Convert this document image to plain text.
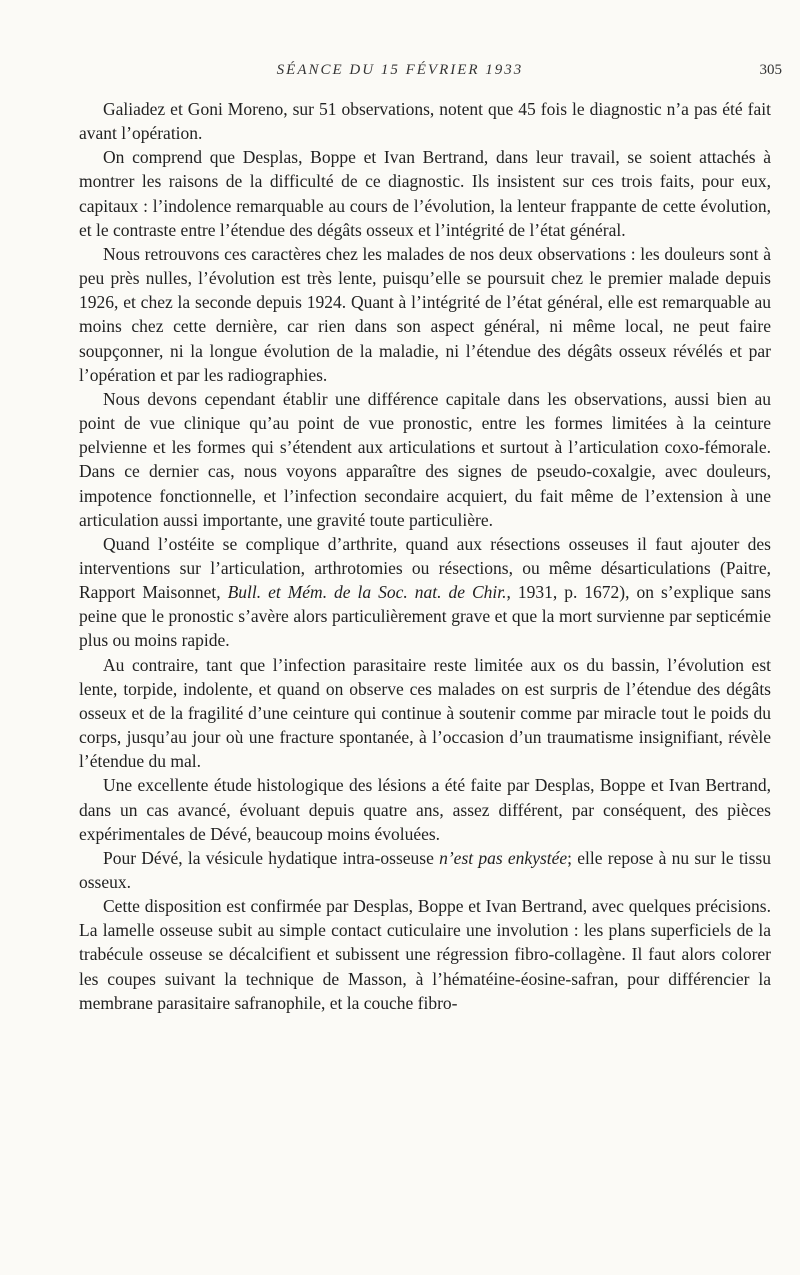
SÉANCE DU 15 FÉVRIER 1933	305

Galiadez et Goni Moreno, sur 51 observations, notent que 45 fois le diagnostic n’a pas été fait avant l’opération.

On comprend que Desplas, Boppe et Ivan Bertrand, dans leur travail, se soient attachés à montrer les raisons de la difficulté de ce diagnostic. Ils insistent sur ces trois faits, pour eux, capitaux : l’indolence remarquable au cours de l’évolution, la lenteur frappante de cette évolution, et le contraste entre l’étendue des dégâts osseux et l’intégrité de l’état général.

Nous retrouvons ces caractères chez les malades de nos deux observations : les douleurs sont à peu près nulles, l’évolution est très lente, puisqu’elle se poursuit chez le premier malade depuis 1926, et chez la seconde depuis 1924. Quant à l’intégrité de l’état général, elle est remarquable au moins chez cette dernière, car rien dans son aspect général, ni même local, ne peut faire soupçonner, ni la longue évolution de la maladie, ni l’étendue des dégâts osseux révélés et par l’opération et par les radiographies.

Nous devons cependant établir une différence capitale dans les observations, aussi bien au point de vue clinique qu’au point de vue pronostic, entre les formes limitées à la ceinture pelvienne et les formes qui s’étendent aux articulations et surtout à l’articulation coxo-fémorale. Dans ce dernier cas, nous voyons apparaître des signes de pseudo-coxalgie, avec douleurs, impotence fonctionnelle, et l’infection secondaire acquiert, du fait même de l’extension à une articulation aussi importante, une gravité toute particulière.

Quand l’ostéite se complique d’arthrite, quand aux résections osseuses il faut ajouter des interventions sur l’articulation, arthrotomies ou résections, ou même désarticulations (Paitre, Rapport Maisonnet, Bull. et Mém. de la Soc. nat. de Chir., 1931, p. 1672), on s’explique sans peine que le pronostic s’avère alors particulièrement grave et que la mort survienne par septicémie plus ou moins rapide.

Au contraire, tant que l’infection parasitaire reste limitée aux os du bassin, l’évolution est lente, torpide, indolente, et quand on observe ces malades on est surpris de l’étendue des dégâts osseux et de la fragilité d’une ceinture qui continue à soutenir comme par miracle tout le poids du corps, jusqu’au jour où une fracture spontanée, à l’occasion d’un traumatisme insignifiant, révèle l’étendue du mal.

Une excellente étude histologique des lésions a été faite par Desplas, Boppe et Ivan Bertrand, dans un cas avancé, évoluant depuis quatre ans, assez différent, par conséquent, des pièces expérimentales de Dévé, beaucoup moins évoluées.

Pour Dévé, la vésicule hydatique intra-osseuse n’est pas enkystée; elle repose à nu sur le tissu osseux.

Cette disposition est confirmée par Desplas, Boppe et Ivan Bertrand, avec quelques précisions. La lamelle osseuse subit au simple contact cuticulaire une involution : les plans superficiels de la trabécule osseuse se décalcifient et subissent une régression fibro-collagène. Il faut alors colorer les coupes suivant la technique de Masson, à l’hématéine-éosine-safran, pour différencier la membrane parasitaire safranophile, et la couche fibro-
